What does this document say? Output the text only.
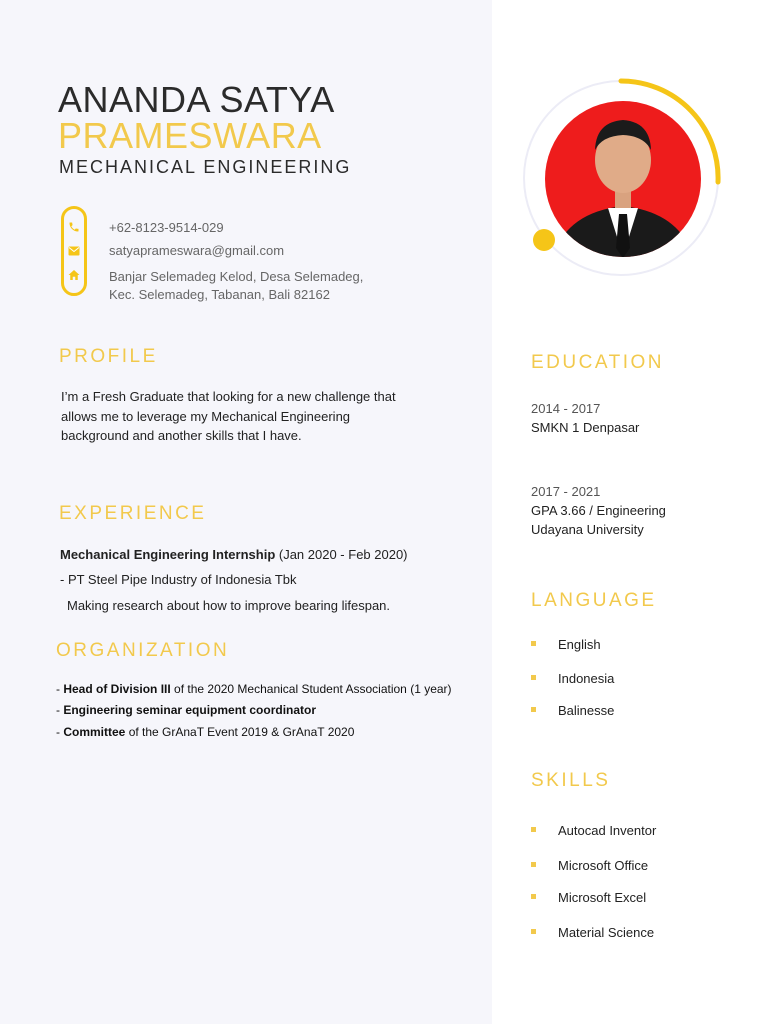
ANANDA SATYA
PRAMESWARA
MECHANICAL ENGINEERING
+62-8123-9514-029
satyaprameswara@gmail.com
Banjar Selemadeg Kelod, Desa Selemadeg,
Kec. Selemadeg, Tabanan, Bali 82162
PROFILE
I’m a Fresh Graduate that looking for a new challenge that
allows me to leverage my Mechanical Engineering
background and another skills that I have.
EXPERIENCE
Mechanical Engineering Internship (Jan 2020 - Feb 2020)
- PT Steel Pipe Industry of Indonesia Tbk
Making research about how to improve bearing lifespan.
ORGANIZATION
- Head of Division III of the 2020 Mechanical Student Association (1 year)
- Engineering seminar equipment coordinator
- Committee of the GrAnaT Event 2019 & GrAnaT 2020
EDUCATION
2014 - 2017
SMKN 1 Denpasar
2017 - 2021
GPA 3.66 / Engineering
Udayana University
LANGUAGE
English
Indonesia
Balinesse
SKILLS
Autocad Inventor
Microsoft Office
Microsoft Excel
Material Science
